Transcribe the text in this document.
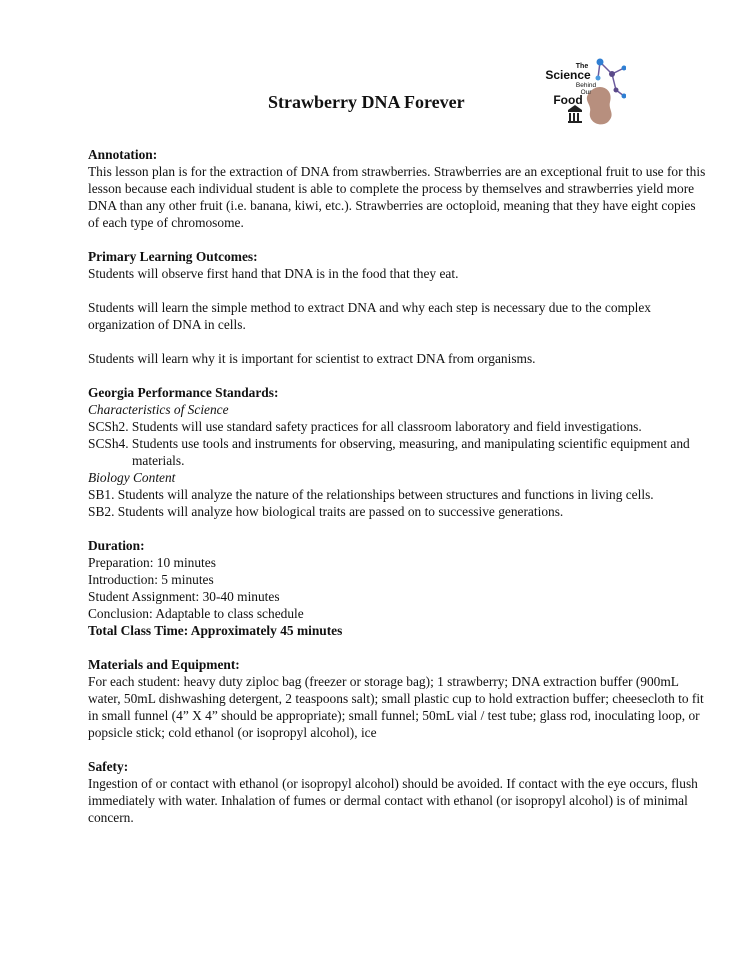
Strawberry DNA Forever
The
Science
Behind
Our
Food

Annotation:

This lesson plan is for the extraction of DNA from strawberries. Strawberries are an exceptional fruit to use for this lesson because each individual student is able to complete the process by themselves and strawberries yield more DNA than any other fruit (i.e. banana, kiwi, etc.). Strawberries are octoploid, meaning that they have eight copies of each type of chromosome.

Primary Learning Outcomes:

Students will observe first hand that DNA is in the food that they eat.

Students will learn the simple method to extract DNA and why each step is necessary due to the complex organization of DNA in cells.

Students will learn why it is important for scientist to extract DNA from organisms.

Georgia Performance Standards:

Characteristics of Science

SCSh2. Students will use standard safety practices for all classroom laboratory and field investigations.

SCSh4. Students use tools and instruments for observing, measuring, and manipulating scientific equipment and materials.

Biology Content

SB1. Students will analyze the nature of the relationships between structures and functions in living cells.

SB2. Students will analyze how biological traits are passed on to successive generations.

Duration:

Preparation: 10 minutes

Introduction: 5 minutes

Student Assignment: 30-40 minutes

Conclusion: Adaptable to class schedule

Total Class Time: Approximately 45 minutes

Materials and Equipment:

For each student: heavy duty ziploc bag (freezer or storage bag); 1 strawberry; DNA extraction buffer (900mL water, 50mL dishwashing detergent, 2 teaspoons salt); small plastic cup to hold extraction buffer; cheesecloth to fit in small funnel (4” X 4” should be appropriate); small funnel; 50mL vial / test tube; glass rod, inoculating loop, or popsicle stick; cold ethanol (or isopropyl alcohol), ice

Safety:

Ingestion of or contact with ethanol (or isopropyl alcohol) should be avoided. If contact with the eye occurs, flush immediately with water. Inhalation of fumes or dermal contact with ethanol (or isopropyl alcohol) is of minimal concern.
